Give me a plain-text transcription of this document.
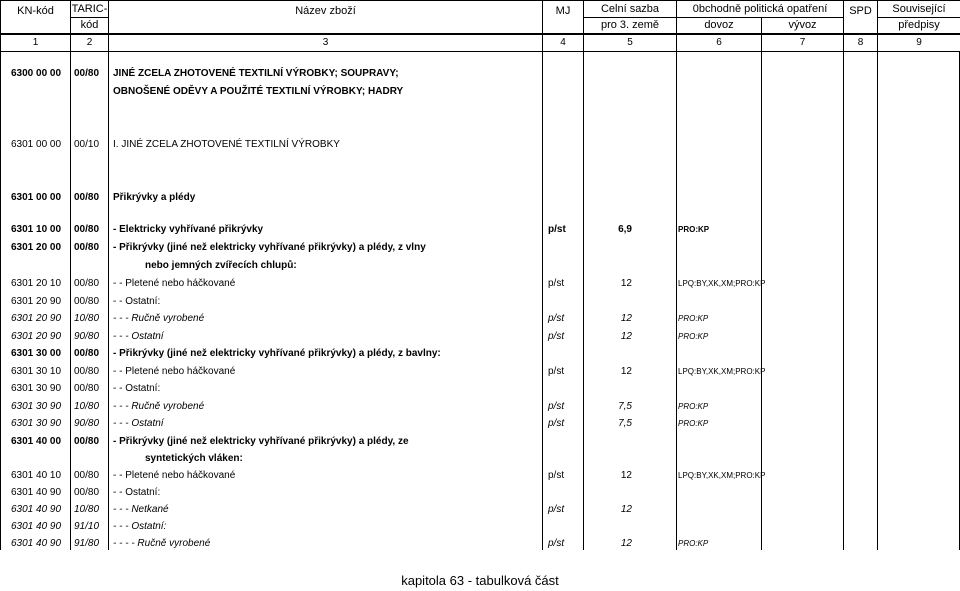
KN-kód	TARIC-	Název zboží	MJ	Celní sazba	0bchodně politická opatření		SPD	Související
	kód			pro 3. země	dovoz	vývoz		předpisy
1	2	3	4	5	6	7	8	9
6300 00 00 00/80 JINÉ ZCELA ZHOTOVENÉ TEXTILNÍ VÝROBKY; SOUPRAVY;
OBNOŠENÉ ODĚVY A POUŽITÉ TEXTILNÍ VÝROBKY; HADRY
6301 00 00 00/10 I. JINÉ ZCELA ZHOTOVENÉ TEXTILNÍ VÝROBKY
6301 00 00 00/80 Přikrývky a plédy
6301 10 00 00/80 - Elektricky vyhřívané přikrývky	p/st	6,9	PRO:KP
6301 20 00 00/80 - Přikrývky (jiné než elektricky vyhřívané přikrývky) a plédy, z vlny
nebo jemných zvířecích chlupů:
6301 20 10 00/80 - - Pletené nebo háčkované	p/st	12	LPQ:BY,XK,XM;PRO:KP
6301 20 90 00/80 - - Ostatní:
6301 20 90 10/80 - - - Ručně vyrobené	p/st	12	PRO:KP
6301 20 90 90/80 - - - Ostatní	p/st	12	PRO:KP
6301 30 00 00/80 - Přikrývky (jiné než elektricky vyhřívané přikrývky) a plédy, z bavlny:
6301 30 10 00/80 - - Pletené nebo háčkované	p/st	12	LPQ:BY,XK,XM;PRO:KP
6301 30 90 00/80 - - Ostatní:
6301 30 90 10/80 - - - Ručně vyrobené	p/st	7,5	PRO:KP
6301 30 90 90/80 - - - Ostatní	p/st	7,5	PRO:KP
6301 40 00 00/80 - Přikrývky (jiné než elektricky vyhřívané přikrývky) a plédy, ze
syntetických vláken:
6301 40 10 00/80 - - Pletené nebo háčkované	p/st	12	LPQ:BY,XK,XM;PRO:KP
6301 40 90 00/80 - - Ostatní:
6301 40 90 10/80 - - - Netkané	p/st	12
6301 40 90 91/10 - - - Ostatní:
6301 40 90 91/80 - - - - Ručně vyrobené	p/st	12	PRO:KP
kapitola 63 - tabulková část
